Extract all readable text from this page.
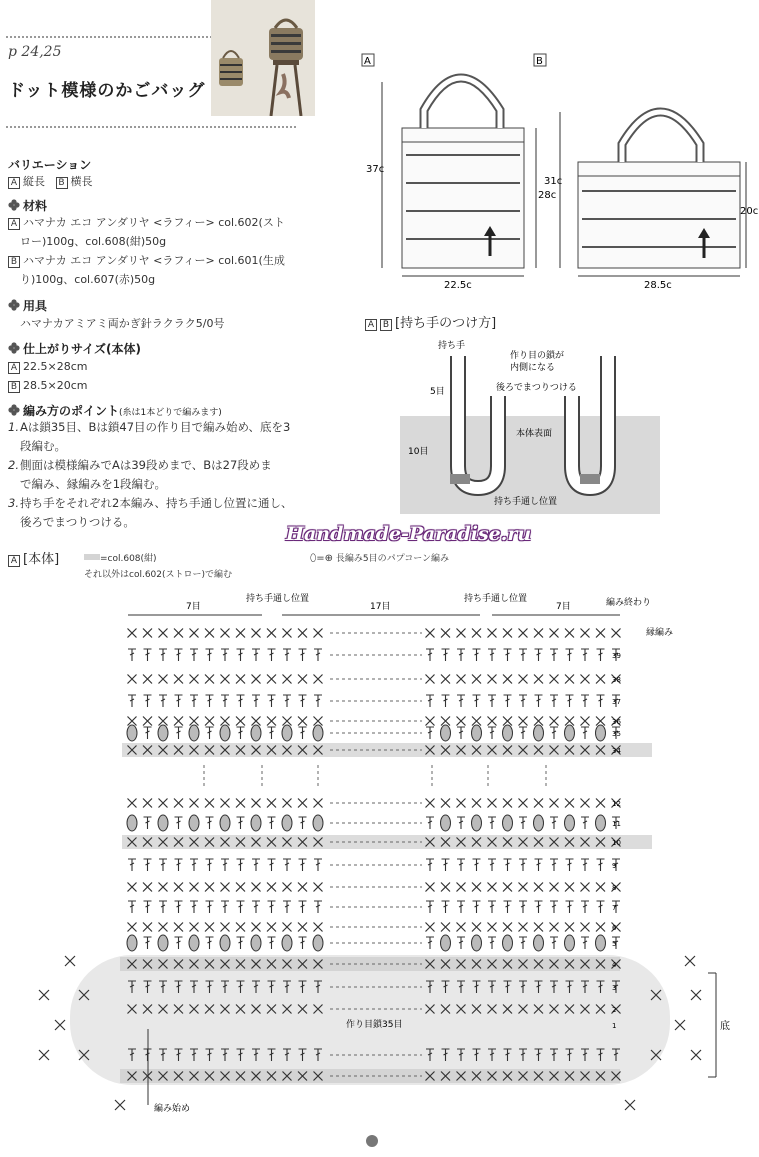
p 24,25
ドット模様のかごバッグ
バリエーション
A 縦長 B 横長
材料
A ハマナカ エコ アンダリヤ <ラフィー> col.602(スト
ロー)100g、col.608(紺)50g
B ハマナカ エコ アンダリヤ <ラフィー> col.601(生成
り)100g、col.607(赤)50g
用具
ハマナカアミアミ両かぎ針ラクラク5/0号
仕上がりサイズ(本体)
A 22.5×28cm
B 28.5×20cm
編み方のポイント(糸は1本どりで編みます)
1.Aは鎖35目、Bは鎖47目の作り目で編み始め、底を3
段編む。
2.側面は模様編みでAは39段めまで、Bは27段めま
で編み、縁編みを1段編む。
3.持ち手をそれぞれ2本編み、持ち手通し位置に通し、
後ろでまつりつける。
A
37c
28c
22.5c
B
31c
20c
28.5c
A B [持ち手のつけ方]
持ち手
作り目の鎖が
内側になる
後ろでまつりつける
5目
本体表面
10目
持ち手通し位置
Handmade-Paradise.ru
A [本体]	=col.608(紺)
それ以外はcol.602(ストロー)で編む
⬯=⊕ 長編み5目のパプコーン編み
7目	17目	7目
持ち手通し位置	持ち手通し位置	編み終わり
縁編み
作り目鎖35目	底
編み始め
39
38
37
36
35
34
12
11
10
9
8
7
6
5
4
3
2
1
